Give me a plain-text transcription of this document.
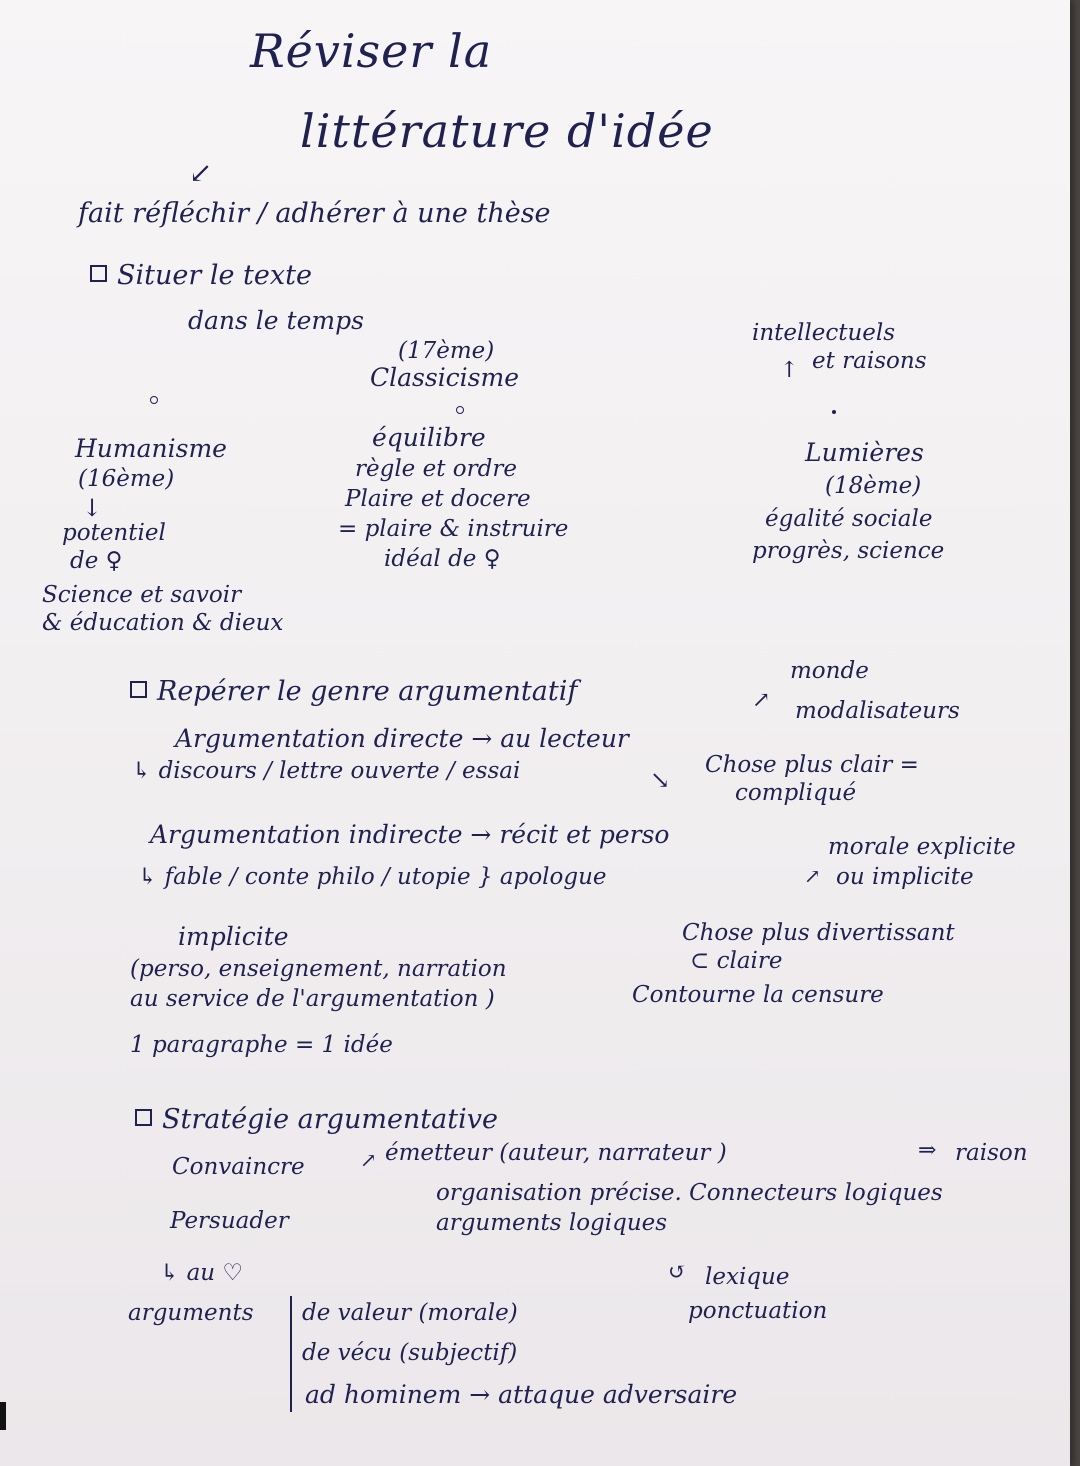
Réviser la
littérature d'idée
↓
fait réfléchir / adhérer à une thèse
Situer le texte
dans le temps
(17ème)
Classicisme
équilibre
règle et ordre
Plaire et docere
= plaire & instruire
idéal de ♀
Humanisme
(16ème)
↓
potentiel
de ♀
Science et savoir
& éducation & dieux
intellectuels
et raisons
↑
Lumières
(18ème)
égalité sociale
progrès, science
monde
Repérer le genre argumentatif	↗ modalisateurs
Argumentation directe → au lecteur
↳ discours / lettre ouverte / essai	↘
Chose plus clair =
compliqué
Argumentation indirecte → récit et perso	morale explicite
↳ fable / conte philo / utopie } apologue	↗ ou implicite
implicite	Chose plus divertissant
⊂ claire
(perso, enseignement, narration
au service de l'argumentation )	Contourne la censure
1 paragraphe = 1 idée
Stratégie argumentative
Convaincre	↗ émetteur (auteur, narrateur )	⇒ raison
organisation précise. Connecteurs logiques
arguments logiques
Persuader
↳ au ♡	↺ lexique
ponctuation
arguments de valeur (morale)
de vécu (subjectif)
ad hominem → attaque adversaire
